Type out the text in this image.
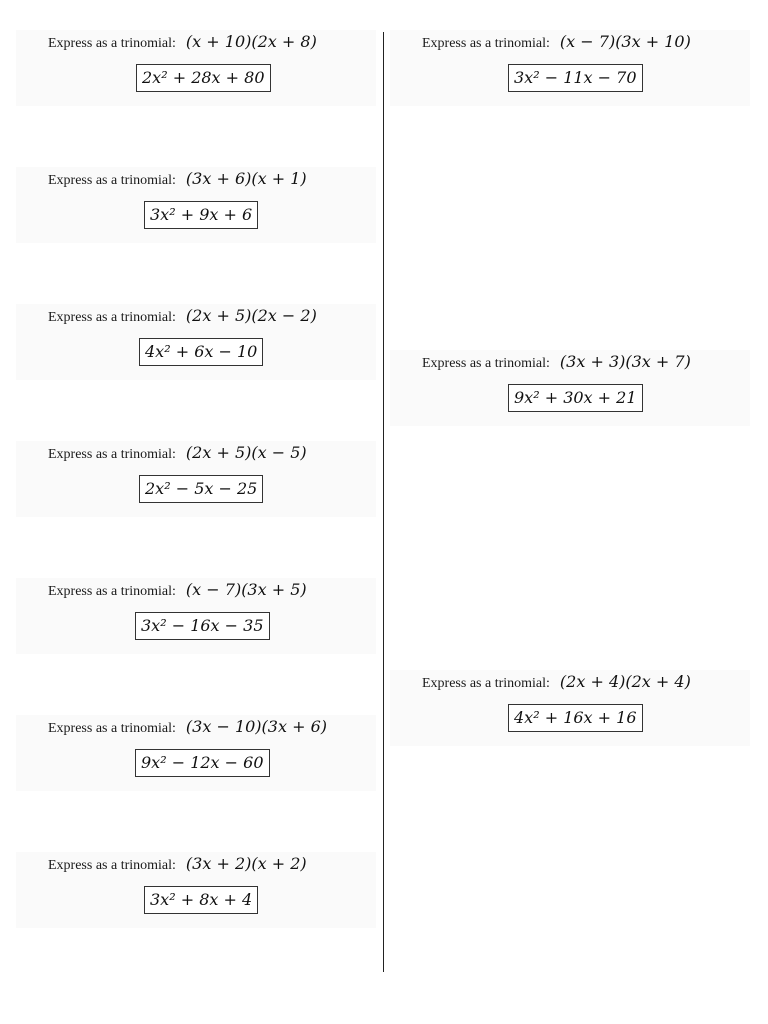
Express as a trinomial: (x + 10)(2x + 8)
2x² + 28x + 80
Express as a trinomial: (3x + 6)(x + 1)
3x² + 9x + 6
Express as a trinomial: (2x + 5)(2x − 2)
4x² + 6x − 10
Express as a trinomial: (2x + 5)(x − 5)
2x² − 5x − 25
Express as a trinomial: (x − 7)(3x + 5)
3x² − 16x − 35
Express as a trinomial: (3x − 10)(3x + 6)
9x² − 12x − 60
Express as a trinomial: (3x + 2)(x + 2)
3x² + 8x + 4
Express as a trinomial: (x − 7)(3x + 10)
3x² − 11x − 70
Express as a trinomial: (3x + 3)(3x + 7)
9x² + 30x + 21
Express as a trinomial: (2x + 4)(2x + 4)
4x² + 16x + 16
